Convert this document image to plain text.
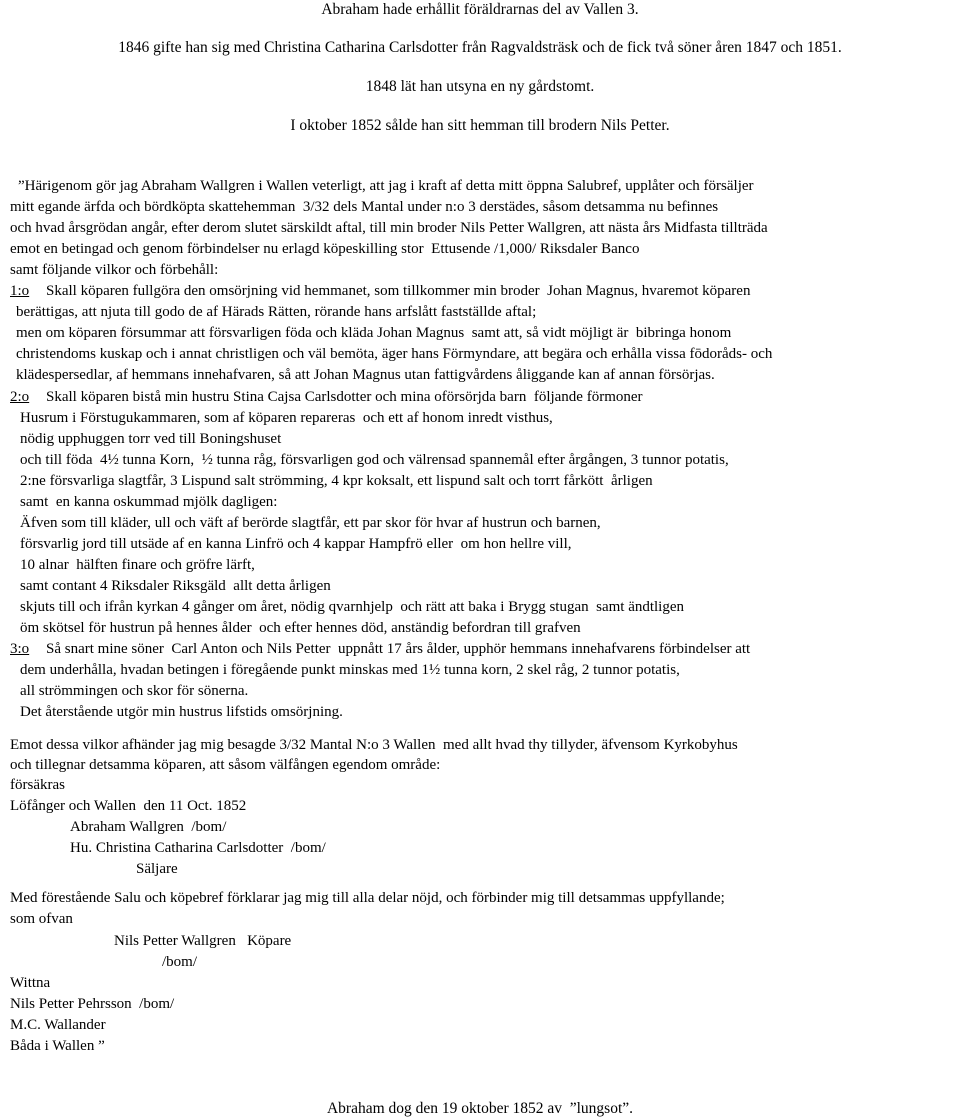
Abraham hade erhållit föräldrarnas del av Vallen 3.
1846 gifte han sig med Christina Catharina Carlsdotter från Ragvaldsträsk och de fick två söner åren 1847 och 1851.
1848 lät han utsyna en ny gårdstomt.
I oktober 1852 sålde han sitt hemman till brodern Nils Petter.
”Härigenom gör jag Abraham Wallgren i Wallen veterligt, att jag i kraft af detta mitt öppna Salubref, upplåter och försäljer
mitt egande ärfda och bördköpta skattehemman  3/32 dels Mantal under n:o 3 derstädes, såsom detsamma nu befinnes
och hvad årsgrödan angår, efter derom slutet särskildt aftal, till min broder Nils Petter Wallgren, att nästa års Midfasta tillträda
emot en betingad och genom förbindelser nu erlagd köpeskilling stor  Ettusende /1,000/ Riksdaler Banco
samt följande vilkor och förbehåll:
1:o Skall köparen fullgöra den omsörjning vid hemmanet, som tillkommer min broder  Johan Magnus, hvaremot köparen
berättigas, att njuta till godo de af Härads Rätten, rörande hans arfslått fastställde aftal;
men om köparen försummar att försvarligen föda och kläda Johan Magnus  samt att, så vidt möjligt är  bibringa honom
christendoms kuskap och i annat christligen och väl bemöta, äger hans Förmyndare, att begära och erhålla vissa fōdoråds- och
klädespersedlar, af hemmans innehafvaren, så att Johan Magnus utan fattigvårdens åliggande kan af annan försörjas.
2:o Skall köparen bistå min hustru Stina Cajsa Carlsdotter och mina oförsörjda barn  följande förmoner
Husrum i Förstugukammaren, som af köparen repareras  och ett af honom inredt visthus,
nödig upphuggen torr ved till Boningshuset
och till föda  4½ tunna Korn,  ½ tunna råg, försvarligen god och välrensad spannemål efter årgången, 3 tunnor potatis,
2:ne försvarliga slagtfår, 3 Lispund salt strömming, 4 kpr koksalt, ett lispund salt och torrt fårkött  årligen
samt  en kanna oskummad mjölk dagligen:
Äfven som till kläder, ull och väft af berörde slagtfår, ett par skor för hvar af hustrun och barnen,
försvarlig jord till utsäde af en kanna Linfrö och 4 kappar Hampfrö eller  om hon hellre vill,
10 alnar  hälften finare och gröfre lärft,
samt contant 4 Riksdaler Riksgäld  allt detta årligen
skjuts till och ifrån kyrkan 4 gånger om året, nödig qvarnhjelp  och rätt att baka i Brygg stugan  samt ändtligen
öm skötsel för hustrun på hennes ålder  och efter hennes död, anständig befordran till grafven
3:o Så snart mine söner  Carl Anton och Nils Petter  uppnått 17 års ålder, upphör hemmans innehafvarens förbindelser att
dem underhålla, hvadan betingen i föregående punkt minskas med 1½ tunna korn, 2 skel råg, 2 tunnor potatis,
all strömmingen och skor för sönerna.
Det återstående utgör min hustrus lifstids omsörjning.
Emot dessa vilkor afhänder jag mig besagde 3/32 Mantal N:o 3 Wallen  med allt hvad thy tillyder, äfvensom Kyrkobyhus
och tillegnar detsamma köparen, att såsom välfången egendom område:
försäkras
Löfånger och Wallen  den 11 Oct. 1852
Abraham Wallgren  /bom/
Hu. Christina Catharina Carlsdotter  /bom/
Säljare
Med förestående Salu och köpebref förklarar jag mig till alla delar nöjd, och förbinder mig till detsammas uppfyllande;
som ofvan
Nils Petter Wallgren   Köpare
/bom/
Wittna
Nils Petter Pehrsson  /bom/
M.C. Wallander
Båda i Wallen ”
Abraham dog den 19 oktober 1852 av  ”lungsot”.
